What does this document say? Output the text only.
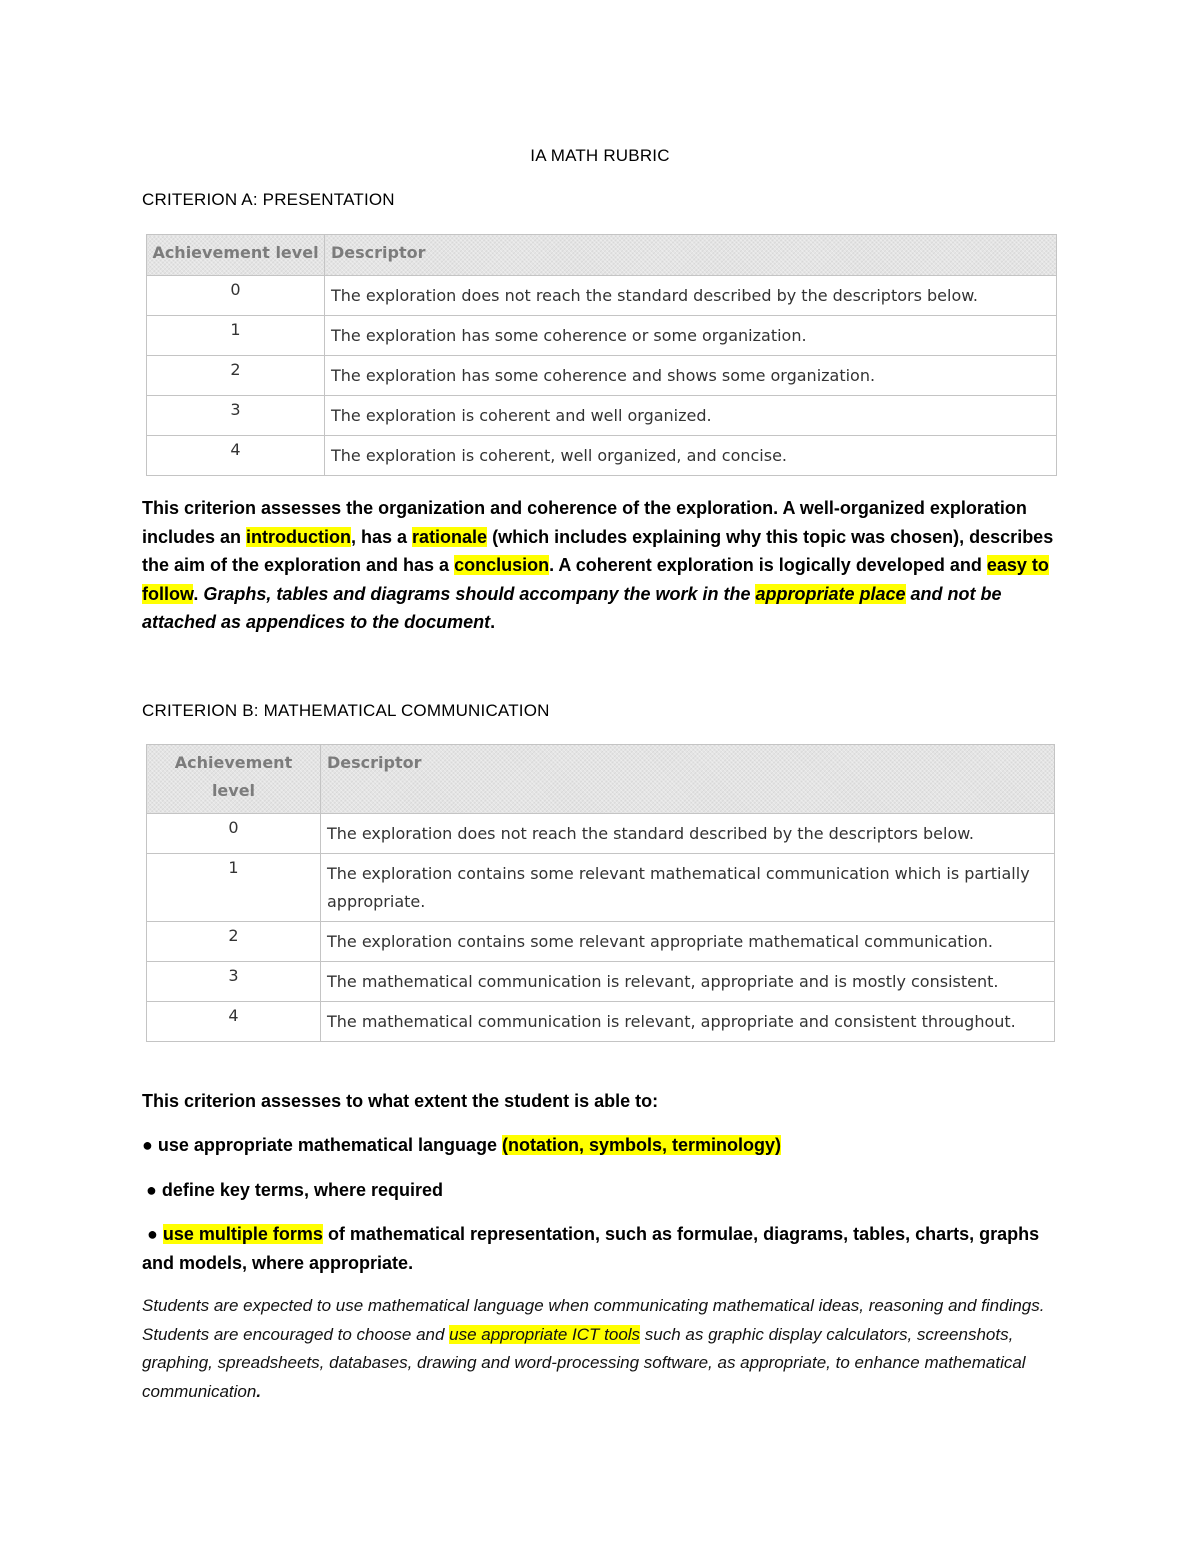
IA MATH RUBRIC
CRITERION A: PRESENTATION
Achievement level	Descriptor
0	The exploration does not reach the standard described by the descriptors below.
1	The exploration has some coherence or some organization.
2	The exploration has some coherence and shows some organization.
3	The exploration is coherent and well organized.
4	The exploration is coherent, well organized, and concise.
This criterion assesses the organization and coherence of the exploration. A well-organized exploration includes an introduction, has a rationale (which includes explaining why this topic was chosen), describes the aim of the exploration and has a conclusion. A coherent exploration is logically developed and easy to follow. Graphs, tables and diagrams should accompany the work in the appropriate place and not be attached as appendices to the document.
CRITERION B: MATHEMATICAL COMMUNICATION
Achievement level	Descriptor
0	The exploration does not reach the standard described by the descriptors below.
1	The exploration contains some relevant mathematical communication which is partially appropriate.
2	The exploration contains some relevant appropriate mathematical communication.
3	The mathematical communication is relevant, appropriate and is mostly consistent.
4	The mathematical communication is relevant, appropriate and consistent throughout.
This criterion assesses to what extent the student is able to:
● use appropriate mathematical language (notation, symbols, terminology)
● define key terms, where required
● use multiple forms of mathematical representation, such as formulae, diagrams, tables, charts, graphs and models, where appropriate.
Students are expected to use mathematical language when communicating mathematical ideas, reasoning and findings. Students are encouraged to choose and use appropriate ICT tools such as graphic display calculators, screenshots, graphing, spreadsheets, databases, drawing and word-processing software, as appropriate, to enhance mathematical communication.
